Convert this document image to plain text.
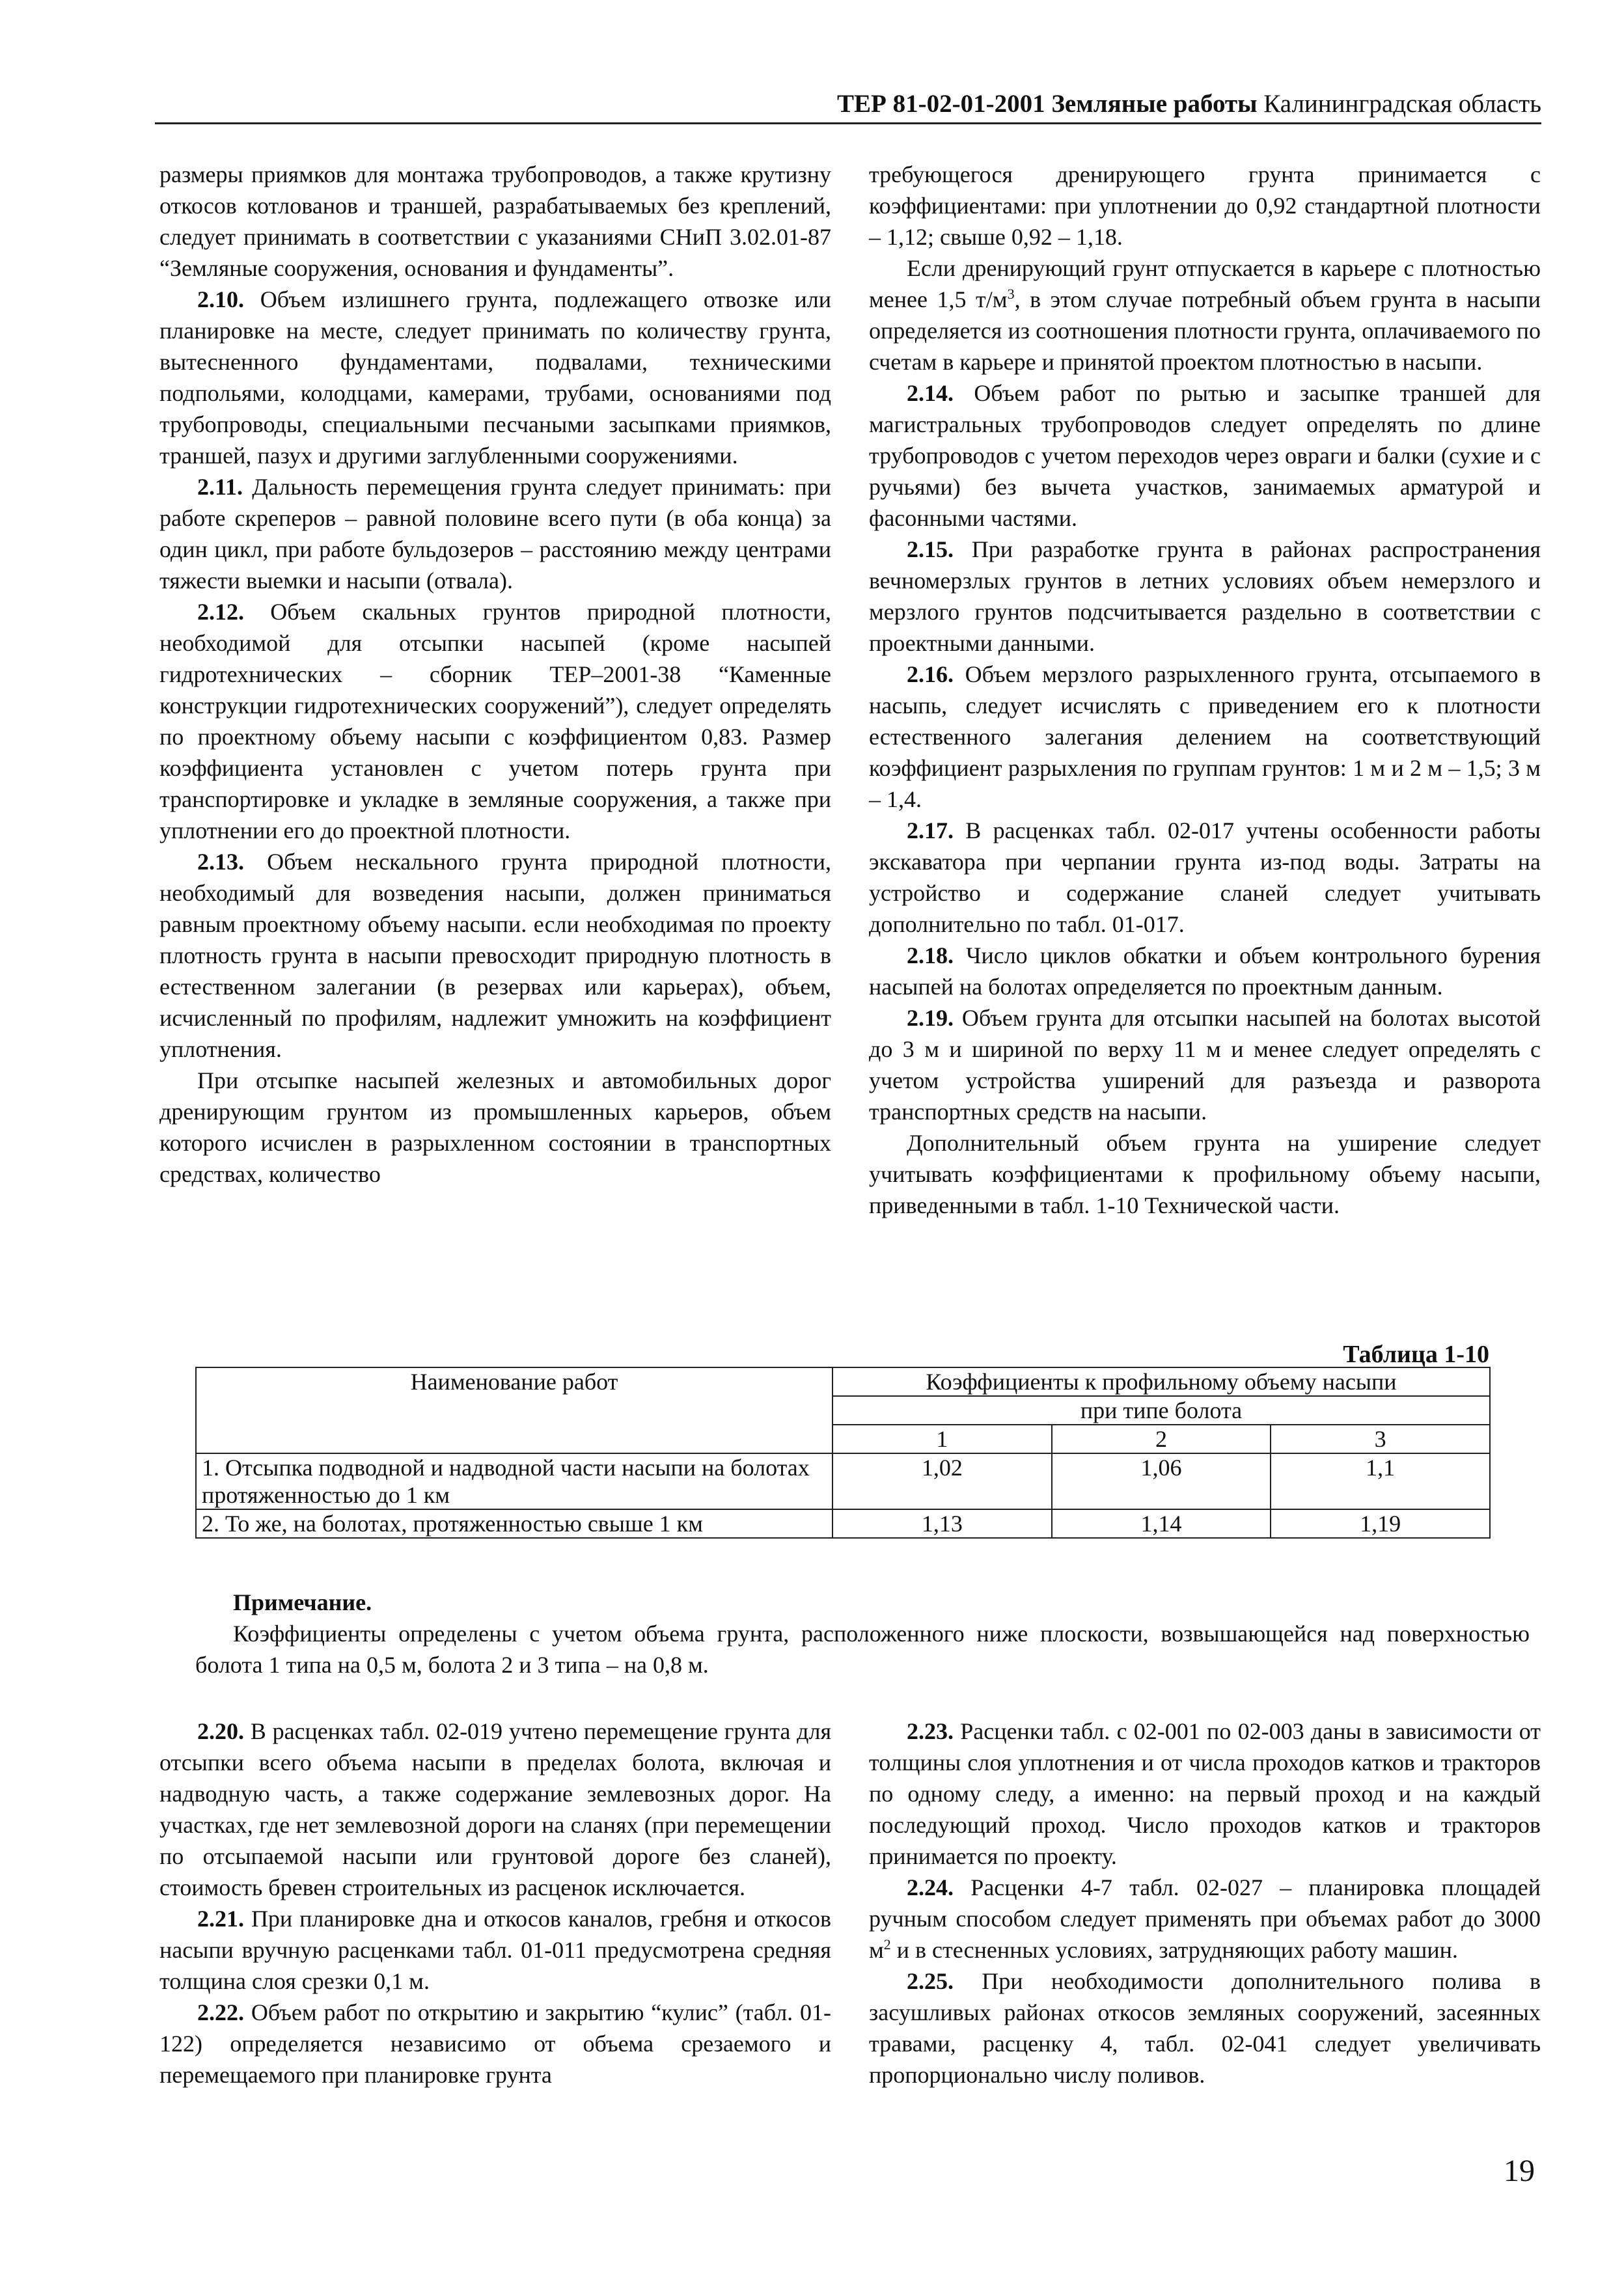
ТЕР 81-02-01-2001 Земляные работы Калининградская область

размеры приямков для монтажа трубопроводов, а также крутизну откосов котлованов и траншей, разрабатываемых без креплений, следует принимать в соответствии с указаниями СНиП 3.02.01-87 “Земляные сооружения, основания и фундаменты”.

2.10. Объем излишнего грунта, подлежащего отвозке или планировке на месте, следует принимать по количеству грунта, вытесненного фундаментами, подвалами, техническими подпольями, колодцами, камерами, трубами, основаниями под трубопроводы, специальными песчаными засыпками приямков, траншей, пазух и другими заглубленными сооружениями.

2.11. Дальность перемещения грунта следует принимать: при работе скреперов – равной половине всего пути (в оба конца) за один цикл, при работе бульдозеров – расстоянию между центрами тяжести выемки и насыпи (отвала).

2.12. Объем скальных грунтов природной плотности, необходимой для отсыпки насыпей (кроме насыпей гидротехнических – сборник ТЕР–2001-38 “Каменные конструкции гидротехнических сооружений”), следует определять по проектному объему насыпи с коэффициентом 0,83. Размер коэффициента установлен с учетом потерь грунта при транспортировке и укладке в земляные сооружения, а также при уплотнении его до проектной плотности.

2.13. Объем нескального грунта природной плотности, необходимый для возведения насыпи, должен приниматься равным проектному объему насыпи. если необходимая по проекту плотность грунта в насыпи превосходит природную плотность в естественном залегании (в резервах или карьерах), объем, исчисленный по профилям, надлежит умножить на коэффициент уплотнения.

При отсыпке насыпей железных и автомобильных дорог дренирующим грунтом из промышленных карьеров, объем которого исчислен в разрыхленном состоянии в транспортных средствах, количество

требующегося дренирующего грунта принимается с коэффициентами: при уплотнении до 0,92 стандартной плотности – 1,12; свыше 0,92 – 1,18.

Если дренирующий грунт отпускается в карьере с плотностью менее 1,5 $т/м^3$, в этом случае потребный объем грунта в насыпи определяется из соотношения плотности грунта, оплачиваемого по счетам в карьере и принятой проектом плотностью в насыпи.

2.14. Объем работ по рытью и засыпке траншей для магистральных трубопроводов следует определять по длине трубопроводов с учетом переходов через овраги и балки (сухие и с ручьями) без вычета участков, занимаемых арматурой и фасонными частями.

2.15. При разработке грунта в районах распространения вечномерзлых грунтов в летних условиях объем немерзлого и мерзлого грунтов подсчитывается раздельно в соответствии с проектными данными.

2.16. Объем мерзлого разрыхленного грунта, отсыпаемого в насыпь, следует исчислять с приведением его к плотности естественного залегания делением на соответствующий коэффициент разрыхления по группам грунтов: 1 м и 2 м – 1,5; 3 м – 1,4.

2.17. В расценках табл. 02-017 учтены особенности работы экскаватора при черпании грунта из-под воды. Затраты на устройство и содержание сланей следует учитывать дополнительно по табл. 01-017.

2.18. Число циклов обкатки и объем контрольного бурения насыпей на болотах определяется по проектным данным.

2.19. Объем грунта для отсыпки насыпей на болотах высотой до 3 м и шириной по верху 11 м и менее следует определять с учетом устройства уширений для разъезда и разворота транспортных средств на насыпи.

Дополнительный объем грунта на уширение следует учитывать коэффициентами к профильному объему насыпи, приведенными в табл. 1-10 Технической части.

Таблица 1-10
Наименование работ	Коэффициенты к профильному объему насыпи		
	при типе болота		
	1	2	3
1. Отсыпка подводной и надводной части насыпи на болотах протяженностью до 1 км	1,02	1,06	1,1
2. То же, на болотах, протяженностью свыше 1 км	1,13	1,14	1,19
Примечание.
Коэффициенты определены с учетом объема грунта, расположенного ниже плоскости, возвышающейся над поверхностью болота 1 типа на 0,5 м, болота 2 и 3 типа – на 0,8 м.

2.20. В расценках табл. 02-019 учтено перемещение грунта для отсыпки всего объема насыпи в пределах болота, включая и надводную часть, а также содержание землевозных дорог. На участках, где нет землевозной дороги на сланях (при перемещении по отсыпаемой насыпи или грунтовой дороге без сланей), стоимость бревен строительных из расценок исключается.

2.21. При планировке дна и откосов каналов, гребня и откосов насыпи вручную расценками табл. 01-011 предусмотрена средняя толщина слоя срезки 0,1 м.

2.22. Объем работ по открытию и закрытию “кулис” (табл. 01-122) определяется независимо от объема срезаемого и перемещаемого при планировке грунта

2.23. Расценки табл. с 02-001 по 02-003 даны в зависимости от толщины слоя уплотнения и от числа проходов катков и тракторов по одному следу, а именно: на первый проход и на каждый последующий проход. Число проходов катков и тракторов принимается по проекту.

2.24. Расценки 4-7 табл. 02-027 – планировка площадей ручным способом следует применять при объемах работ до 3000 $м^2$ и в стесненных условиях, затрудняющих работу машин.

2.25. При необходимости дополнительного полива в засушливых районах откосов земляных сооружений, засеянных травами, расценку 4, табл. 02-041 следует увеличивать пропорционально числу поливов.

19
